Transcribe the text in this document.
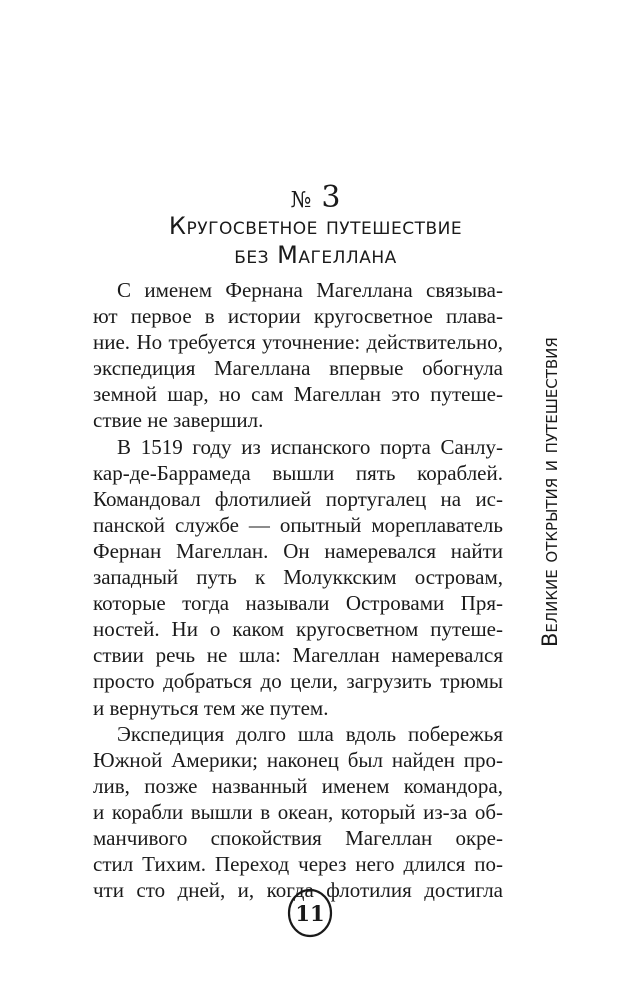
№ 3
Кругосветное путешествие
без Магеллана
С именем Фернана Магеллана связыва-
ют первое в истории кругосветное плава-
ние. Но требуется уточнение: действительно,
экспедиция Магеллана впервые обогнула
земной шар, но сам Магеллан это путеше-
ствие не завершил.
В 1519 году из испанского порта Санлу-
кар-де-Баррамеда вышли пять кораблей.
Командовал флотилией португалец на ис-
панской службе — опытный мореплаватель
Фернан Магеллан. Он намеревался найти
западный путь к Молуккским островам,
которые тогда называли Островами Пря-
ностей. Ни о каком кругосветном путеше-
ствии речь не шла: Магеллан намеревался
просто добраться до цели, загрузить трюмы
и вернуться тем же путем.
Экспедиция долго шла вдоль побережья
Южной Америки; наконец был найден про-
лив, позже названный именем командора,
и корабли вышли в океан, который из-за об-
манчивого спокойствия Магеллан окре-
стил Тихим. Переход через него длился по-
чти сто дней, и, когда флотилия достигла
Великие открытия и путешествия
11
